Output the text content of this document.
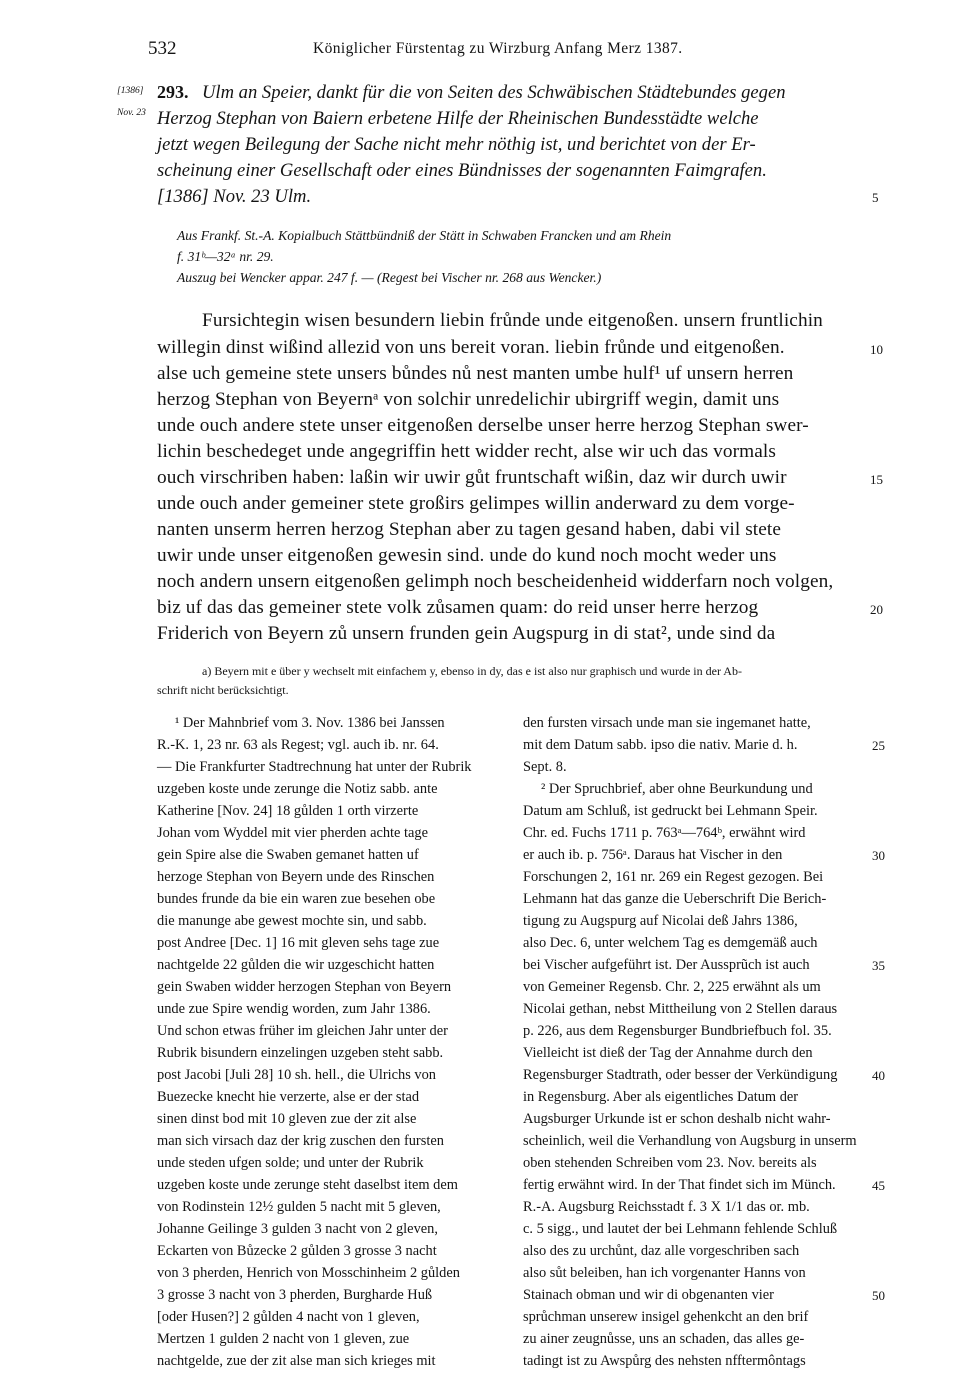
532	Königlicher Fürstentag zu Wirzburg Anfang Merz 1387.
[1386]
Nov. 23
293. Ulm an Speier, dankt für die von Seiten des Schwäbischen Städtebundes gegen
Herzog Stephan von Baiern erbetene Hilfe der Rheinischen Bundesstädte welche
jetzt wegen Beilegung der Sache nicht mehr nöthig ist, und berichtet von der Er-
scheinung einer Gesellschaft oder eines Bündnisses der sogenannten Faimgrafen.
[1386] Nov. 23 Ulm.
Aus Frankf. St.-A. Kopialbuch Stättbündniß der Stätt in Schwaben Francken und am Rhein
f. 31ᵇ—32ᵃ nr. 29.
Auszug bei Wencker appar. 247 f. — (Regest bei Vischer nr. 268 aus Wencker.)
Fursichtegin wisen besundern liebin frůnde unde eitgenoßen. unsern fruntlichin
willegin dinst wißind allezid von uns bereit voran. liebin frůnde und eitgenoßen.
alse uch gemeine stete unsers bůndes nů nest manten umbe hulf¹ uf unsern herren
herzog Stephan von Beyernᵃ von solchir unredelichir ubirgriff wegin, damit uns
unde ouch andere stete unser eitgenoßen derselbe unser herre herzog Stephan swer-
lichin beschedeget unde angegriffin hett widder recht, alse wir uch das vormals
ouch virschriben haben: laßin wir uwir gůt fruntschaft wißin, daz wir durch uwir
unde ouch ander gemeiner stete großirs gelimpes willin anderward zu dem vorge-
nanten unserm herren herzog Stephan aber zu tagen gesand haben, dabi vil stete
uwir unde unser eitgenoßen gewesin sind. unde do kund noch mocht weder uns
noch andern unsern eitgenoßen gelimph noch bescheidenheid widderfarn noch volgen,
biz uf das das gemeiner stete volk zůsamen quam: do reid unser herre herzog
Friderich von Beyern zů unsern frunden gein Augspurg in di stat², unde sind da
a) Beyern mit e über y wechselt mit einfachem y, ebenso in dy, das e ist also nur graphisch und wurde in der Ab-
schrift nicht berücksichtigt.
¹ Der Mahnbrief vom 3. Nov. 1386 bei Janssen
R.-K. 1, 23 nr. 63 als Regest; vgl. auch ib. nr. 64.
— Die Frankfurter Stadtrechnung hat unter der Rubrik
uzgeben koste unde zerunge die Notiz sabb. ante
Katherine [Nov. 24] 18 gůlden 1 orth virzerte
Johan vom Wyddel mit vier pherden achte tage
gein Spire alse die Swaben gemanet hatten uf
herzoge Stephan von Beyern unde des Rinschen
bundes frunde da bie ein waren zue besehen obe
die manunge abe gewest mochte sin, und sabb.
post Andree [Dec. 1] 16 mit gleven sehs tage zue
nachtgelde 22 gůlden die wir uzgeschicht hatten
gein Swaben widder herzogen Stephan von Beyern
unde zue Spire wendig worden, zum Jahr 1386.
Und schon etwas früher im gleichen Jahr unter der
Rubrik bisundern einzelingen uzgeben steht sabb.
post Jacobi [Juli 28] 10 sh. hell., die Ulrichs von
Buezecke knecht hie verzerte, alse er der stad
sinen dinst bod mit 10 gleven zue der zit alse
man sich virsach daz der krig zuschen den fursten
unde steden ufgen solde; und unter der Rubrik
uzgeben koste unde zerunge steht daselbst item dem
von Rodinstein 12½ gulden 5 nacht mit 5 gleven,
Johanne Geilinge 3 gulden 3 nacht von 2 gleven,
Eckarten von Bůzecke 2 gůlden 3 grosse 3 nacht
von 3 pherden, Henrich von Mosschinheim 2 gůlden
3 grosse 3 nacht von 3 pherden, Burgharde Huß
[oder Husen?] 2 gůlden 4 nacht von 1 gleven,
Mertzen 1 gulden 2 nacht von 1 gleven, zue
nachtgelde, zue der zit alse man sich krieges mit
den fursten virsach unde man sie ingemanet hatte,
mit dem Datum sabb. ipso die nativ. Marie d. h.
Sept. 8.
² Der Spruchbrief, aber ohne Beurkundung und
Datum am Schluß, ist gedruckt bei Lehmann Speir.
Chr. ed. Fuchs 1711 p. 763ᵃ—764ᵇ, erwähnt wird
er auch ib. p. 756ᵃ. Daraus hat Vischer in den
Forschungen 2, 161 nr. 269 ein Regest gezogen. Bei
Lehmann hat das ganze die Ueberschrift Die Berich-
tigung zu Augspurg auf Nicolai deß Jahrs 1386,
also Dec. 6, unter welchem Tag es demgemäß auch
bei Vischer aufgeführt ist. Der Aussprũch ist auch
von Gemeiner Regensb. Chr. 2, 225 erwähnt als um
Nicolai gethan, nebst Mittheilung von 2 Stellen daraus
p. 226, aus dem Regensburger Bundbriefbuch fol. 35.
Vielleicht ist dieß der Tag der Annahme durch den
Regensburger Stadtrath, oder besser der Verkündigung
in Regensburg. Aber als eigentliches Datum der
Augsburger Urkunde ist er schon deshalb nicht wahr-
scheinlich, weil die Verhandlung von Augsburg in unserm
oben stehenden Schreiben vom 23. Nov. bereits als
fertig erwähnt wird. In der That findet sich im Münch.
R.-A. Augsburg Reichsstadt f. 3 X 1/1 das or. mb.
c. 5 sigg., und lautet der bei Lehmann fehlende Schluß
also des zu urchůnt, daz alle vorgeschriben sach
also sůt beleiben, han ich vorgenanter Hanns von
Stainach obman und wir di obgenanten vier
sprůchman unserew insigel gehenkcht an den brif
zu ainer zeugnůsse, uns an schaden, das alles ge-
tadingt ist zu Awspůrg des nehsten nfftermôntags
5
10
15
20
25
30
35
40
45
50
